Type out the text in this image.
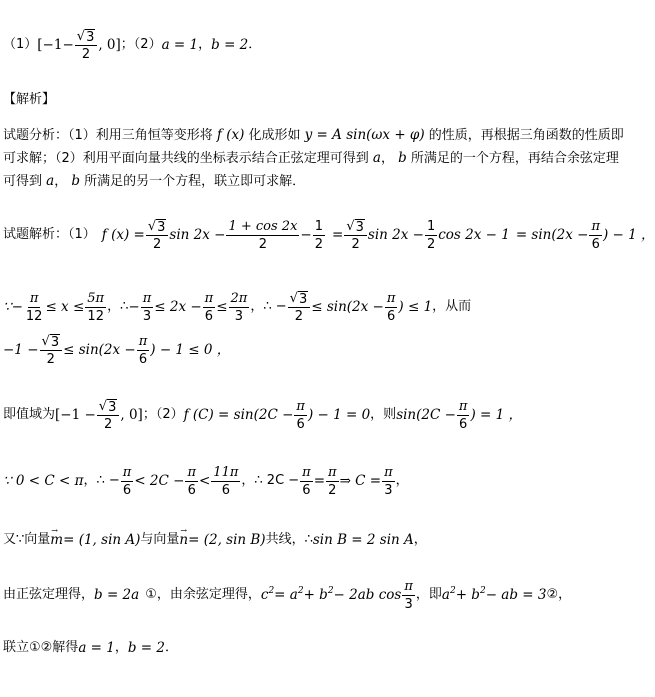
（1） [$-1- \frac{√ 3}{2}$ , 0] ；（2） a = 1 ， b = 2 ．
【解析】
试题分析：（1）利用三角恒等变形将 f (x) 化成形如 y = A sin(ωx + φ) 的性质，再根据三角函数的性质即可求解；（2）利用平面向量共线的坐标表示结合正弦定理可得到 a， b 所满足的一个方程，再结合余弦定理可得到 a， b 所满足的另一个方程，联立即可求解．
试题解析：（1） f $(x) = \frac{√ 3}{2}$ $\sin 2x - \frac{1 + \cos 2x}{2} - \frac{1}{2} = \frac{√ 3}{2}$ $\sin 2x - \frac{1}{2}$ $\cos 2x - 1 = \sin(2x - \frac{\pi}{6}$ ) − 1 ，
∵ − $\frac{\pi}{12} \le x \le \frac{5\pi}{12}$ ，∴ − $\frac{\pi}{3} \le 2x - \frac{\pi}{6} \le \frac{2\pi}{3}$ ，∴ − $\frac{√ 3}{2} \le \sin(2x - \frac{\pi}{6}$ ) ≤ 1 ，从而
$-1 - \frac{√ 3}{2} \le \sin(2x - \frac{\pi}{6}$ ) − 1 ≤ 0 ，
即值域为 [$-1 - \frac{√ 3}{2}$ , 0] ；（2） f $(C) = \sin(2C - \frac{\pi}{6}$ ) − 1 = 0 ，则 $\sin(2C - \frac{\pi}{6}$ ) = 1 ，
∵ 0 < C < π ，∴ − $\frac{\pi}{6} < 2C - \frac{\pi}{6} < \frac{11\pi}{6}$ ，∴ $2C - \frac{\pi}{6} = \frac{\pi}{2}$ ⇒ $C = \frac{\pi}{3}$ ，
又∵向量 → m = (1, sin A) 与向量 → n = (2, sin B) 共线，∴ sin B = 2 sin A ，
由正弦定理得， b = 2a ① ，由余弦定理得， $c^2 = a^2 + b^2 - 2ab$ $\cos \frac{\pi}{3}$ ，即 $a^2 + b^2$ − ab = 3 ②，
联立①②解得 a = 1 ， b = 2 ．
